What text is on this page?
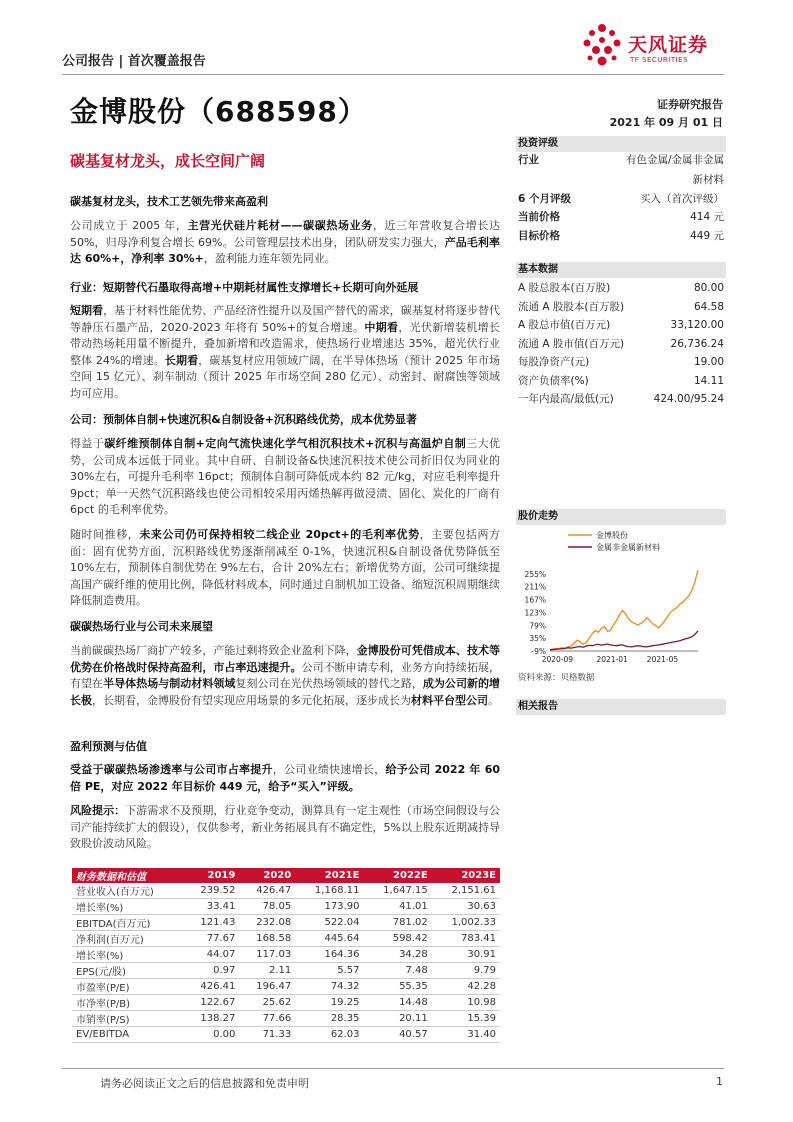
公司报告 | 首次覆盖报告
天风证券
TF SECURITIES
金博股份（688598）	证券研究报告
2021 年 09 月 01 日
碳基复材龙头，成长空间广阔
碳基复材龙头，技术工艺领先带来高盈利

公司成立于 2005 年，主营光伏硅片耗材——碳碳热场业务，近三年营收复合增长达 50%，归母净利复合增长 69%。公司管理层技术出身，团队研发实力强大，产品毛利率达 60%+，净利率 30%+，盈利能力连年领先同业。

行业：短期替代石墨取得高增+中期耗材属性支撑增长+长期可向外延展

短期看，基于材料性能优势、产品经济性提升以及国产替代的需求，碳基复材将逐步替代等静压石墨产品，2020-2023 年将有 50%+的复合增速。中期看，光伏新增装机增长带动热场耗用量不断提升，叠加新增和改造需求，使热场行业增速达 35%，超光伏行业整体 24%的增速。长期看，碳基复材应用领域广阔，在半导体热场（预计 2025 年市场空间 15 亿元）、刹车制动（预计 2025 年市场空间 280 亿元）、动密封、耐腐蚀等领域均可应用。

公司：预制体自制+快速沉积&自制设备+沉积路线优势，成本优势显著

得益于碳纤维预制体自制+定向气流快速化学气相沉积技术+沉积与高温炉自制三大优势，公司成本远低于同业。其中自研、自制设备&快速沉积技术使公司折旧仅为同业的 30%左右，可提升毛利率 16pct；预制体自制可降低成本约 82 元/kg，对应毛利率提升 9pct；单一天然气沉积路线也使公司相较采用丙烯热解再做浸渍、固化、炭化的厂商有 6pct 的毛利率优势。

随时间推移，未来公司仍可保持相较二线企业 20pct+的毛利率优势，主要包括两方面：固有优势方面，沉积路线优势逐渐削减至 0-1%，快速沉积&自制设备优势降低至 10%左右，预制体自制优势在 9%左右，合计 20%左右；新增优势方面，公司可继续提高国产碳纤维的使用比例，降低材料成本，同时通过自制机加工设备、缩短沉积周期继续降低制造费用。

碳碳热场行业与公司未来展望

当前碳碳热场厂商扩产较多，产能过剩将致企业盈利下降，金博股份可凭借成本、技术等优势在价格战时保持高盈利，市占率迅速提升。公司不断申请专利，业务方向持续拓展，有望在半导体热场与制动材料领域复刻公司在光伏热场领域的替代之路，成为公司新的增长极，长期看，金博股份有望实现应用场景的多元化拓展，逐步成长为材料平台型公司。

盈利预测与估值

受益于碳碳热场渗透率与公司市占率提升，公司业绩快速增长，给予公司 2022 年 60 倍 PE，对应 2022 年目标价 449 元，给予“买入”评级。

风险提示：下游需求不及预期，行业竞争变动，测算具有一定主观性（市场空间假设与公司产能持续扩大的假设），仅供参考，新业务拓展具有不确定性，5%以上股东近期减持导致股价波动风险。

财务数据和估值	2019	2020	2021E	2022E	2023E
营业收入(百万元)	239.52	426.47	1,168.11	1,647.15	2,151.61
增长率(%)	33.41	78.05	173.90	41.01	30.63
EBITDA(百万元)	121.43	232.08	522.04	781.02	1,002.33
净利润(百万元)	77.67	168.58	445.64	598.42	783.41
增长率(%)	44.07	117.03	164.36	34.28	30.91
EPS(元/股)	0.97	2.11	5.57	7.48	9.79
市盈率(P/E)	426.41	196.47	74.32	55.35	42.28
市净率(P/B)	122.67	25.62	19.25	14.48	10.98
市销率(P/S)	138.27	77.66	28.35	20.11	15.39
EV/EBITDA	0.00	71.33	62.03	40.57	31.40
投资评级
行业	有色金属/金属非金属
新材料
6 个月评级	买入（首次评级）
当前价格	414 元
目标价格	449 元
基本数据
A 股总股本(百万股)	80.00
流通 A 股股本(百万股)	64.58
A 股总市值(百万元)	33,120.00
流通 A 股市值(百万元)	26,736.24
每股净资产(元)	19.00
资产负债率(%)	14.11
一年内最高/最低(元)	424.00/95.24
股价走势
金博股份
金属非金属新材料
255%
211%
167%
123%
79%
35%
-9%
2020-09	2021-01	2021-05
资料来源：贝格数据
相关报告
请务必阅读正文之后的信息披露和免责申明	1
